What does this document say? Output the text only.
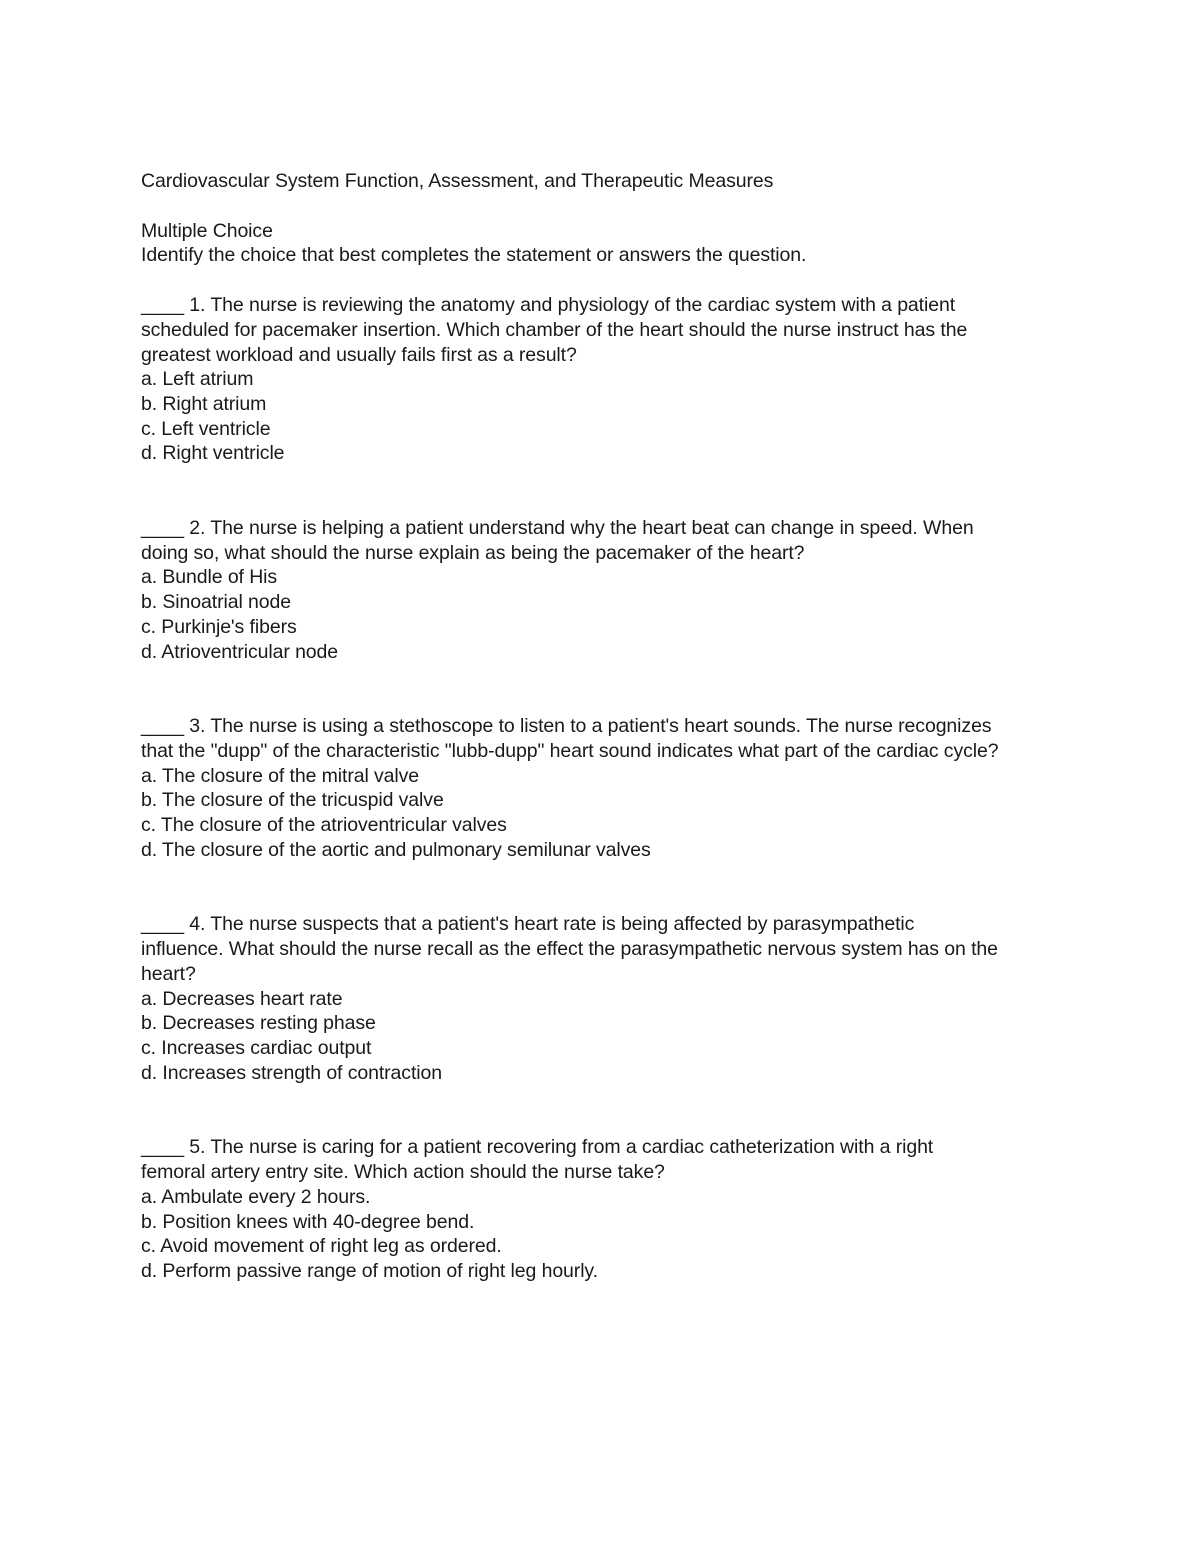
Cardiovascular System Function, Assessment, and Therapeutic Measures
Multiple Choice
Identify the choice that best completes the statement or answers the question.
____ 1. The nurse is reviewing the anatomy and physiology of the cardiac system with a patient
scheduled for pacemaker insertion. Which chamber of the heart should the nurse instruct has the
greatest workload and usually fails first as a result?
a. Left atrium
b. Right atrium
c. Left ventricle
d. Right ventricle
____ 2. The nurse is helping a patient understand why the heart beat can change in speed. When
doing so, what should the nurse explain as being the pacemaker of the heart?
a. Bundle of His
b. Sinoatrial node
c. Purkinje's fibers
d. Atrioventricular node
____ 3. The nurse is using a stethoscope to listen to a patient's heart sounds. The nurse recognizes
that the "dupp" of the characteristic "lubb-dupp" heart sound indicates what part of the cardiac cycle?
a. The closure of the mitral valve
b. The closure of the tricuspid valve
c. The closure of the atrioventricular valves
d. The closure of the aortic and pulmonary semilunar valves
____ 4. The nurse suspects that a patient's heart rate is being affected by parasympathetic
influence. What should the nurse recall as the effect the parasympathetic nervous system has on the
heart?
a. Decreases heart rate
b. Decreases resting phase
c. Increases cardiac output
d. Increases strength of contraction
____ 5. The nurse is caring for a patient recovering from a cardiac catheterization with a right
femoral artery entry site. Which action should the nurse take?
a. Ambulate every 2 hours.
b. Position knees with 40-degree bend.
c. Avoid movement of right leg as ordered.
d. Perform passive range of motion of right leg hourly.
